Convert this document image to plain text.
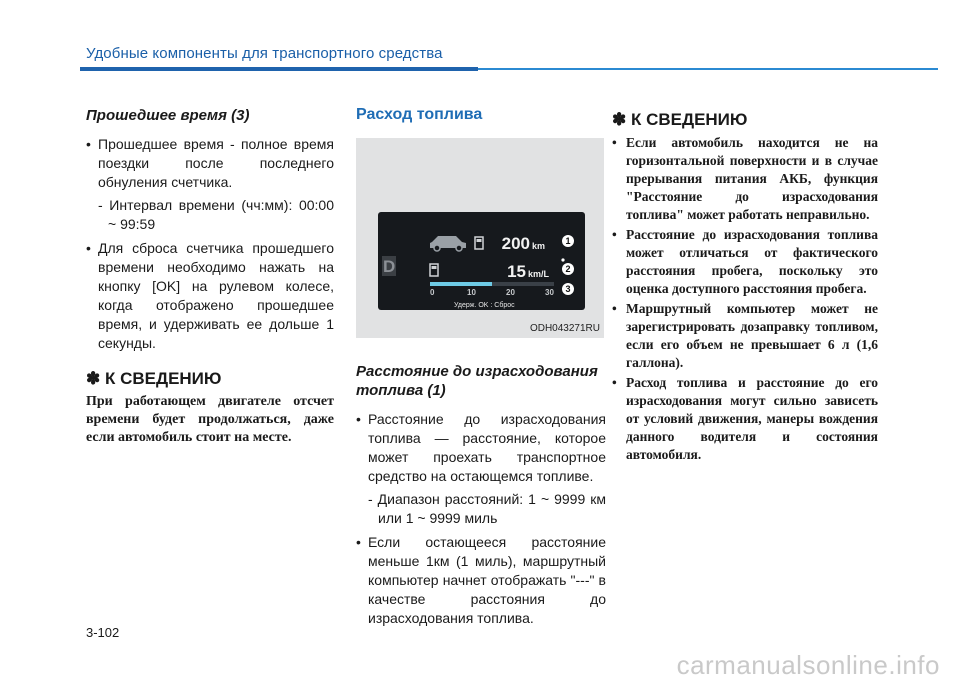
Удобные компоненты для транспортного средства
Прошедшее время (3)
• Прошедшее время - полное время поездки после последнего обнуления счетчика.
- Интервал времени (чч:мм): 00:00 ~ 99:59
• Для сброса счетчика прошедшего времени необходимо нажать на кнопку [OK] на рулевом колесе, когда отображено прошедшее время, и удерживать ее дольше 1 секунды.
✽ К СВЕДЕНИЮ

При работающем двигателе отсчет времени будет продолжаться, даже если автомобиль стоит на месте.

Расход топлива
D
200 km
15 km/L
0	10	20	30
Удерж. OK : Сброс
1
2
3
ODH043271RU
Расстояние до израсходования топлива (1)
• Расстояние до израсходования топлива — расстояние, которое может проехать транспортное средство на остающемся топливе.
- Диапазон расстояний: 1 ~ 9999 км или 1 ~ 9999 миль
• Если остающееся расстояние меньше 1км (1 миль), маршрутный компьютер начнет отображать "---" в качестве расстояния до израсходования топлива.
✽ К СВЕДЕНИЮ
• Если автомобиль находится не на горизонтальной поверхности и в случае прерывания питания АКБ, функция "Расстояние до израсходования топлива" может работать неправильно.
• Расстояние до израсходования топлива может отличаться от фактического расстояния пробега, поскольку это оценка доступного расстояния пробега.
• Маршрутный компьютер может не зарегистрировать дозаправку топливом, если его объем не превышает 6 л (1,6 галлона).
• Расход топлива и расстояние до его израсходования могут сильно зависеть от условий движения, манеры вождения данного водителя и состояния автомобиля.
3-102
carmanualsonline.info
